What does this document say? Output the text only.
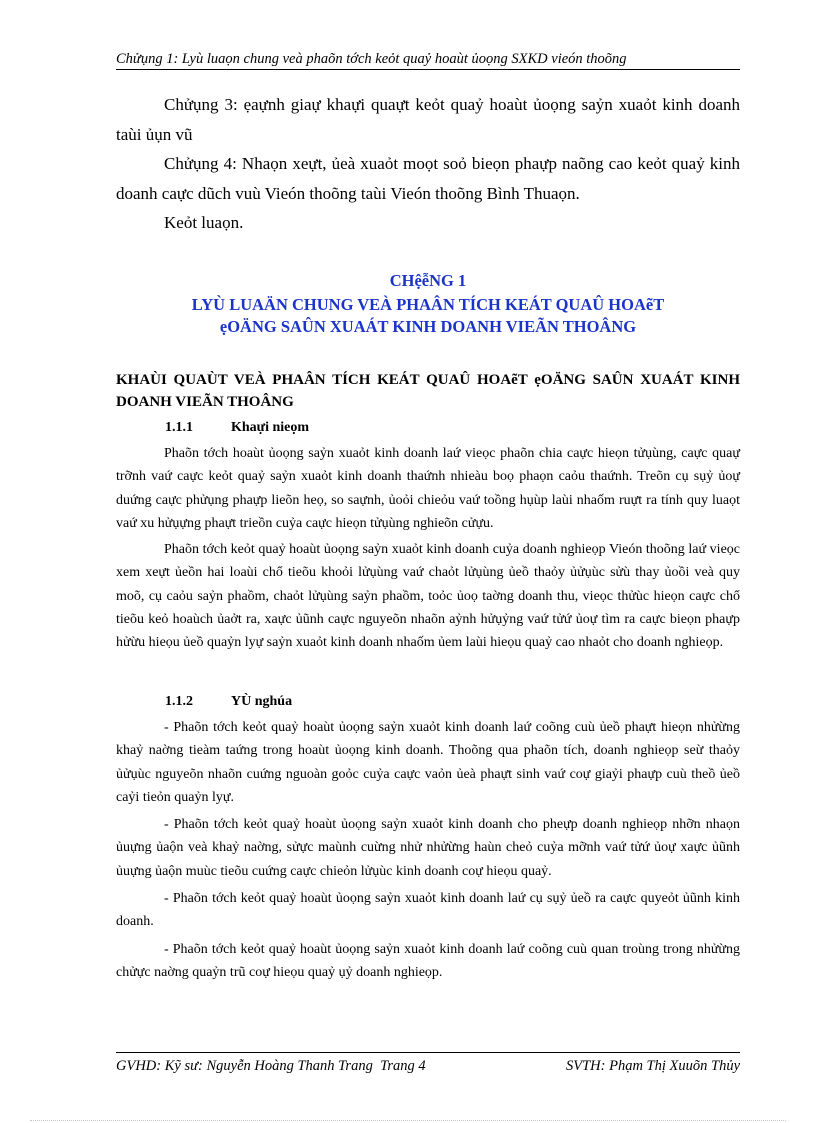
Chửụng 1: Lyù luaọn chung veà phaõn tớch keỏt quaỷ hoaùt ủoọng SXKD vieón thoõng

Chửụng 3: ẹaựnh giaự khaựi quaựt keỏt quaỷ hoaùt ủoọng saỷn xuaỏt kinh doanh taùi ủụn vũ

Chửụng 4: Nhaọn xeựt, ủeà xuaỏt moọt soỏ bieọn phaựp naõng cao keỏt quaỷ kinh doanh caực dũch vuù Vieón thoõng taùi Vieón thoõng Bình Thuaọn.

Keỏt luaọn.

CHệễNG 1
LYÙ LUAÄN CHUNG VEÀ PHAÂN TÍCH KEÁT QUAÛ HOAẽT
ẹOÄNG SAÛN XUAÁT KINH DOANH VIEÃN THOÂNG
KHAÙI QUAÙT VEÀ PHAÂN TÍCH KEÁT QUAÛ HOAẽT ẹOÄNG SAÛN XUAÁT KINH DOANH VIEÃN THOÂNG
1.1.1	Khaựi nieọm

Phaõn tớch hoaùt ủoọng saỷn xuaỏt kinh doanh laứ vieọc phaõn chia caực hieọn tửụùng, caực quaự trỡnh vaứ caực keỏt quaỷ saỷn xuaỏt kinh doanh thaứnh nhieàu boọ phaọn caỏu thaứnh. Treõn cụ sụỷ ủoự duứng caực phửụng phaựp lieõn heọ, so saựnh, ủoỏi chieỏu vaứ toồng hụùp laùi nhaốm ruựt ra tính quy luaọt vaứ xu hửụựng phaựt trieồn cuỷa caực hieọn tửụùng nghieõn cửựu.

Phaõn tớch keỏt quaỷ hoaùt ủoọng saỷn xuaỏt kinh doanh cuỷa doanh nghieọp Vieón thoõng laứ vieọc xem xeựt ủeồn hai loaùi chổ tieõu khoỏi lửụùng vaứ chaỏt lửụùng ủeồ thaỏy ủửụùc sửù thay ủoồi veà quy moõ, cụ caỏu saỷn phaồm, chaỏt lửụùng saỷn phaồm, toỏc ủoọ taờng doanh thu, vieọc thửùc hieọn caực chổ tieõu keỏ hoaùch ủaởt ra, xaực ủũnh caực nguyeõn nhaõn aỷnh hửụỷng vaứ tửứ ủoự tìm ra caực bieọn phaựp hửừu hieọu ủeồ quaỷn lyự saỷn xuaỏt kinh doanh nhaốm ủem laùi hieọu quaỷ cao nhaỏt cho doanh nghieọp.

1.1.2	YÙ nghúa

- Phaõn tớch keỏt quaỷ hoaùt ủoọng saỷn xuaỏt kinh doanh laứ coõng cuù ủeồ phaựt hieọn nhửừng khaỷ naờng tieàm taứng trong hoaùt ủoọng kinh doanh. Thoõng qua phaõn tích, doanh nghieọp seừ thaỏy ủửụùc nguyeõn nhaõn cuứng nguoàn goỏc cuỷa caực vaỏn ủeà phaựt sinh vaứ coự giaỷi phaựp cuù theồ ủeồ caỷi tieỏn quaỷn lyự.

- Phaõn tớch keỏt quaỷ hoaùt ủoọng saỷn xuaỏt kinh doanh cho pheựp doanh nghieọp nhỡn nhaọn ủuựng ủaộn veà khaỷ naờng, sửực maùnh cuừng nhử nhửừng haùn cheỏ cuỷa mỡnh vaứ tửứ ủoự xaực ủũnh ủuựng ủaộn muùc tieõu cuứng caực chieỏn lửụùc kinh doanh coự hieọu quaỷ.

- Phaõn tớch keỏt quaỷ hoaùt ủoọng saỷn xuaỏt kinh doanh laứ cụ sụỷ ủeồ ra caực quyeỏt ủũnh kinh doanh.

- Phaõn tớch keỏt quaỷ hoaùt ủoọng saỷn xuaỏt kinh doanh laứ coõng cuù quan troùng trong nhửừng chửực naờng quaỷn trũ coự hieọu quaỷ ụỷ doanh nghieọp.

GVHD: Kỹ sư: Nguyễn Hoàng Thanh Trang Trang 4	SVTH: Phạm Thị Xuuõn Thủy
